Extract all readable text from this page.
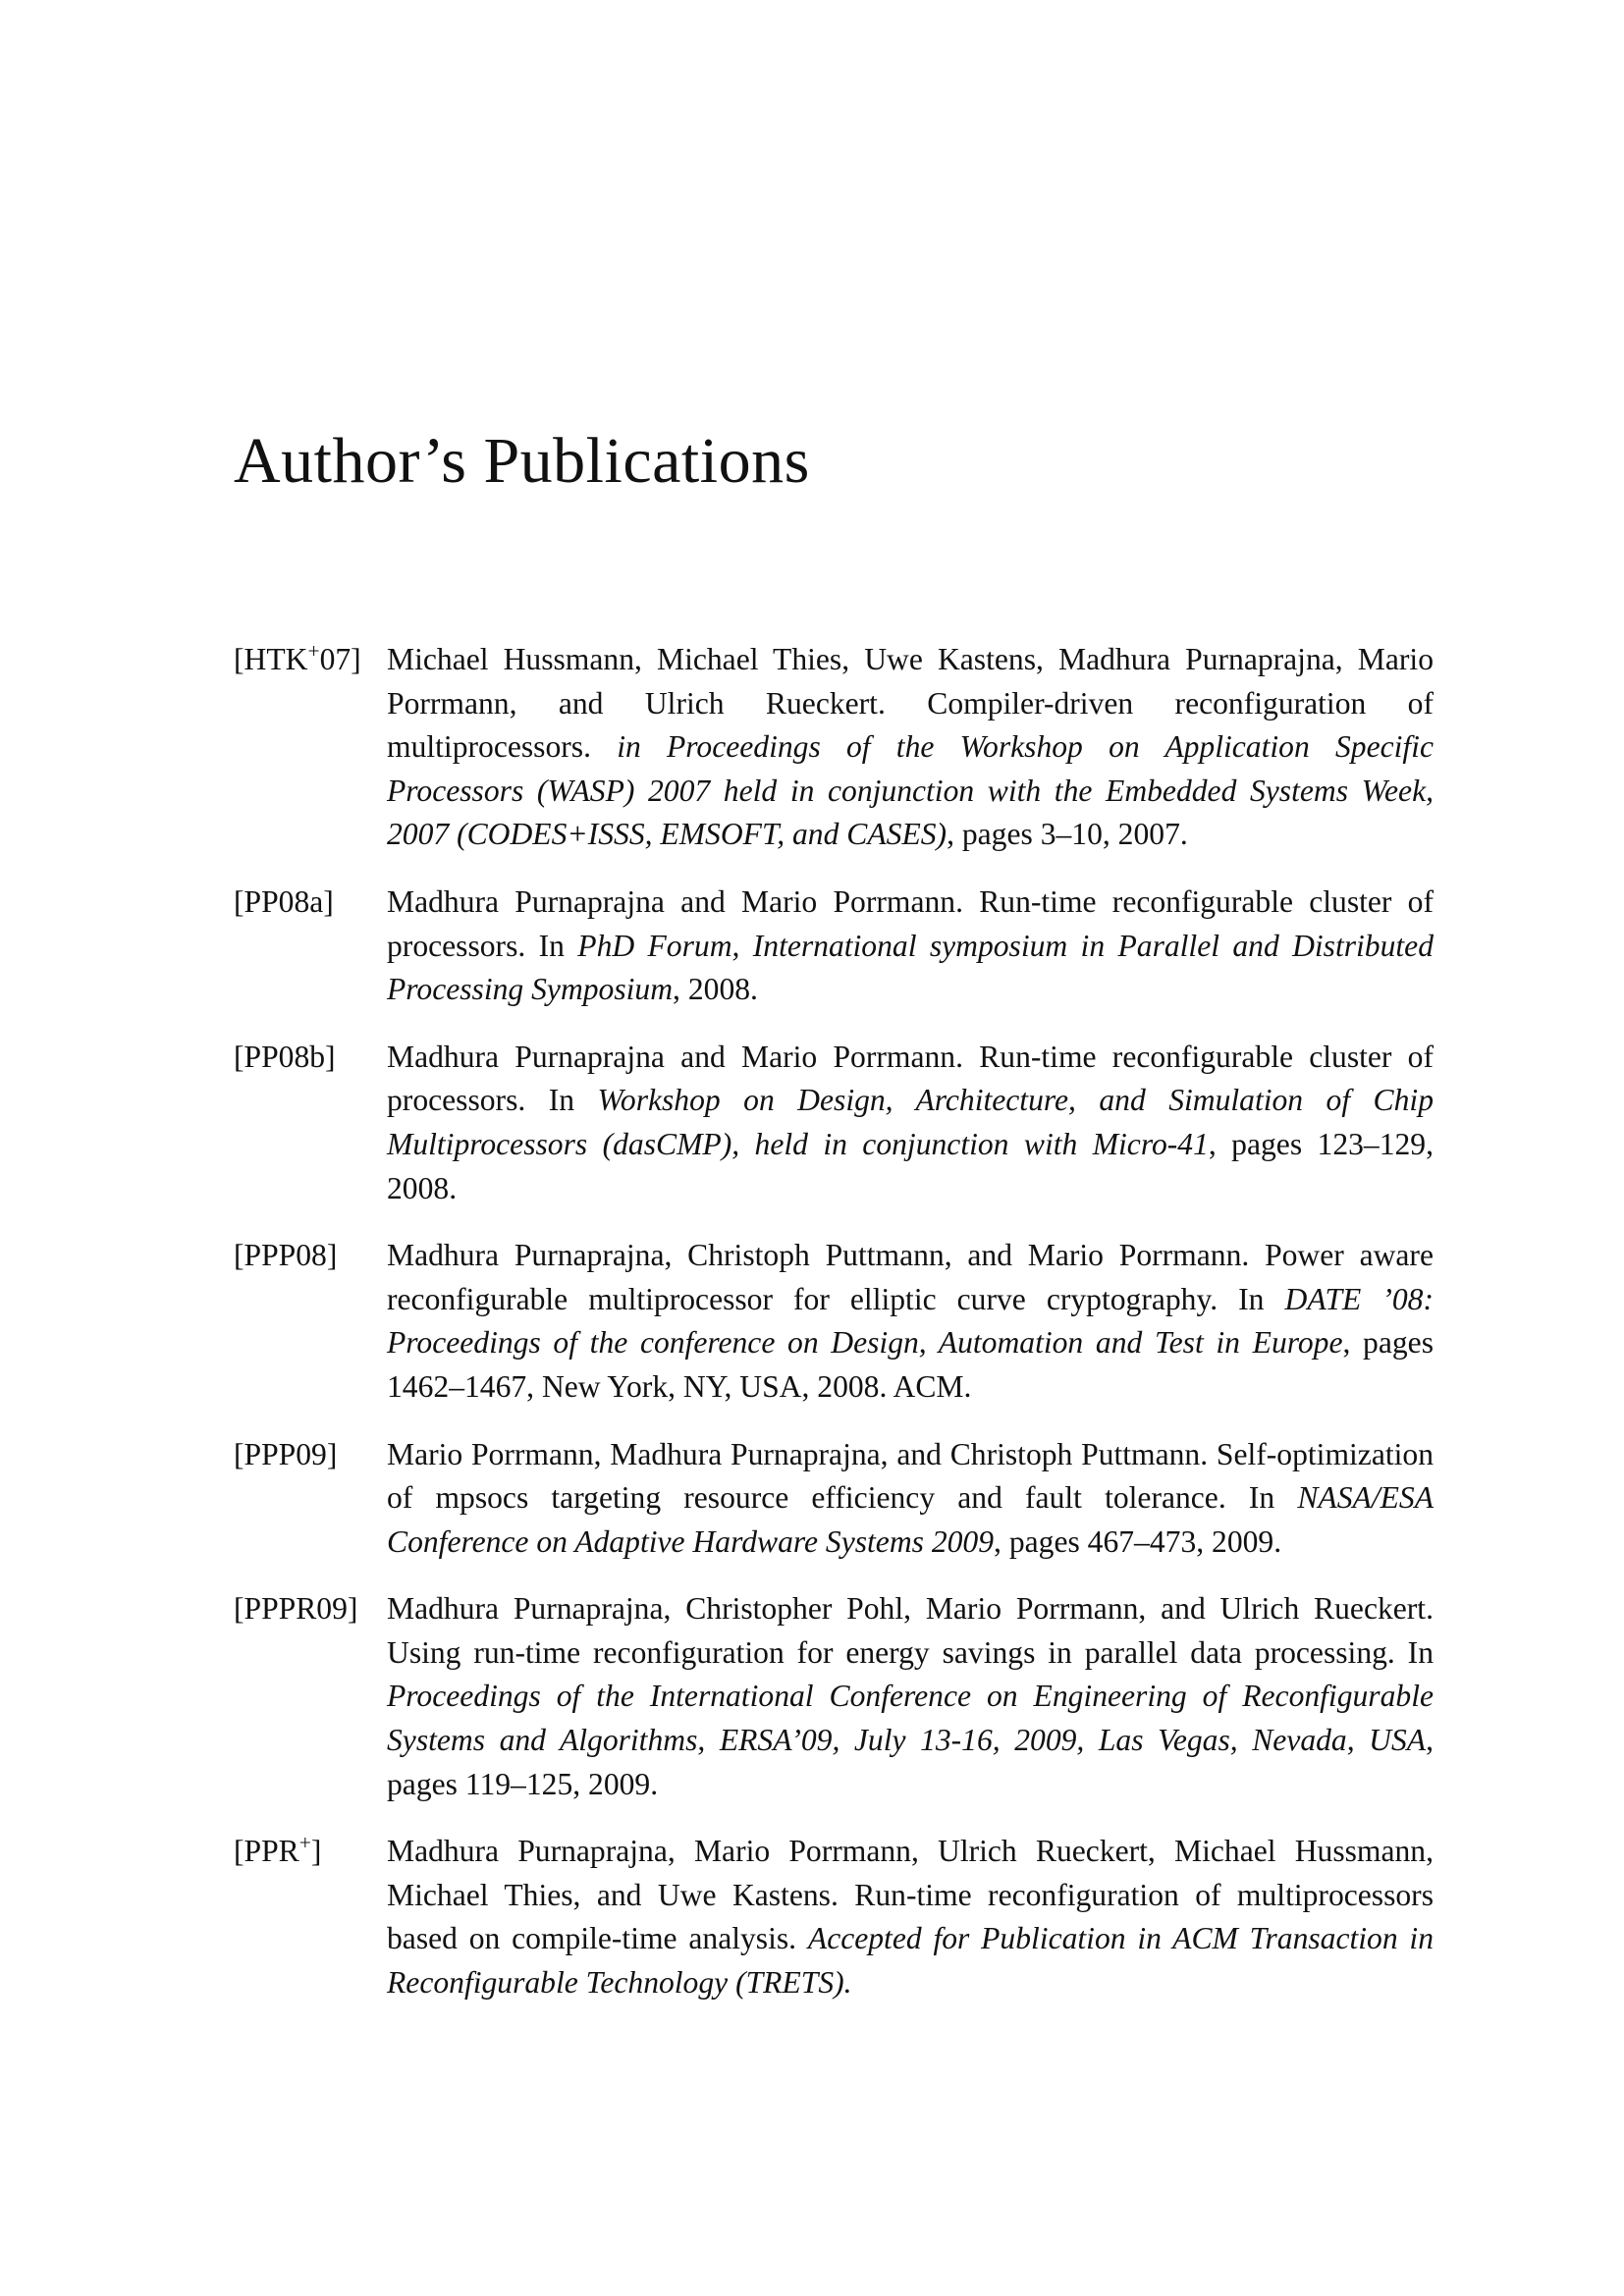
Author’s Publications
[HTK+07] Michael Hussmann, Michael Thies, Uwe Kastens, Madhura Purnaprajna, Mario Porrmann, and Ulrich Rueckert. Compiler-driven reconfiguration of multiprocessors. in Proceedings of the Workshop on Application Specific Processors (WASP) 2007 held in conjunction with the Embedded Systems Week, 2007 (CODES+ISSS, EMSOFT, and CASES), pages 3–10, 2007.
[PP08a]	Madhura Purnaprajna and Mario Porrmann. Run-time reconfigurable cluster of processors. In PhD Forum, International symposium in Parallel and Distributed Processing Symposium, 2008.
[PP08b]	Madhura Purnaprajna and Mario Porrmann. Run-time reconfigurable cluster of processors. In Workshop on Design, Architecture, and Simulation of Chip Multiprocessors (dasCMP), held in conjunction with Micro-41, pages 123–129, 2008.
[PPP08]	Madhura Purnaprajna, Christoph Puttmann, and Mario Porrmann. Power aware reconfigurable multiprocessor for elliptic curve cryptography. In DATE ’08: Proceedings of the conference on Design, Automation and Test in Europe, pages 1462–1467, New York, NY, USA, 2008. ACM.
[PPP09]	Mario Porrmann, Madhura Purnaprajna, and Christoph Puttmann. Self-optimization of mpsocs targeting resource efficiency and fault tolerance. In NASA/ESA Conference on Adaptive Hardware Systems 2009, pages 467–473, 2009.
[PPPR09] Madhura Purnaprajna, Christopher Pohl, Mario Porrmann, and Ulrich Rueckert. Using run-time reconfiguration for energy savings in parallel data processing. In Proceedings of the International Conference on Engineering of Reconfigurable Systems and Algorithms, ERSA’09, July 13-16, 2009, Las Vegas, Nevada, USA, pages 119–125, 2009.
[PPR+]	Madhura Purnaprajna, Mario Porrmann, Ulrich Rueckert, Michael Hussmann, Michael Thies, and Uwe Kastens. Run-time reconfiguration of multiprocessors based on compile-time analysis. Accepted for Publication in ACM Transaction in Reconfigurable Technology (TRETS).
